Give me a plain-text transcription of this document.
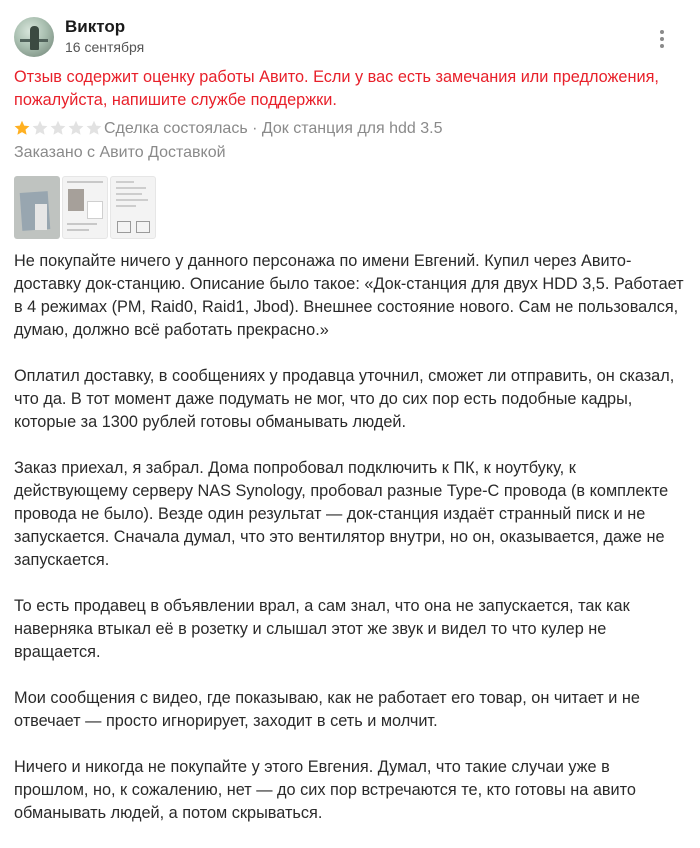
Виктор
16 сентября
Отзыв содержит оценку работы Авито. Если у вас есть замечания или предложения, пожалуйста, напишите службе поддержки.
Сделка состоялась · Док станция для hdd 3.5
Заказано с Авито Доставкой

Не покупайте ничего у данного персонажа по имени Евгений. Купил через Авито-доставку док-станцию. Описание было такое: «Док-станция для двух HDD 3,5. Работает в 4 режимах (PM, Raid0, Raid1, Jbod). Внешнее состояние нового. Сам не пользовался, думаю, должно всё работать прекрасно.»

Оплатил доставку, в сообщениях у продавца уточнил, сможет ли отправить, он сказал, что да. В тот момент даже подумать не мог, что до сих пор есть подобные кадры, которые за 1300 рублей готовы обманывать людей.

Заказ приехал, я забрал. Дома попробовал подключить к ПК, к ноутбуку, к действующему серверу NAS Synology, пробовал разные Type-C провода (в комплекте провода не было). Везде один результат — док-станция издаёт странный писк и не запускается. Сначала думал, что это вентилятор внутри, но он, оказывается, даже не запускается.

То есть продавец в объявлении врал, а сам знал, что она не запускается, так как наверняка втыкал её в розетку и слышал этот же звук и видел то что кулер не вращается.

Мои сообщения с видео, где показываю, как не работает его товар, он читает и не отвечает — просто игнорирует, заходит в сеть и молчит.

Ничего и никогда не покупайте у этого Евгения. Думал, что такие случаи уже в прошлом, но, к сожалению, нет — до сих пор встречаются те, кто готовы на авито обманывать людей, а потом скрываться.
